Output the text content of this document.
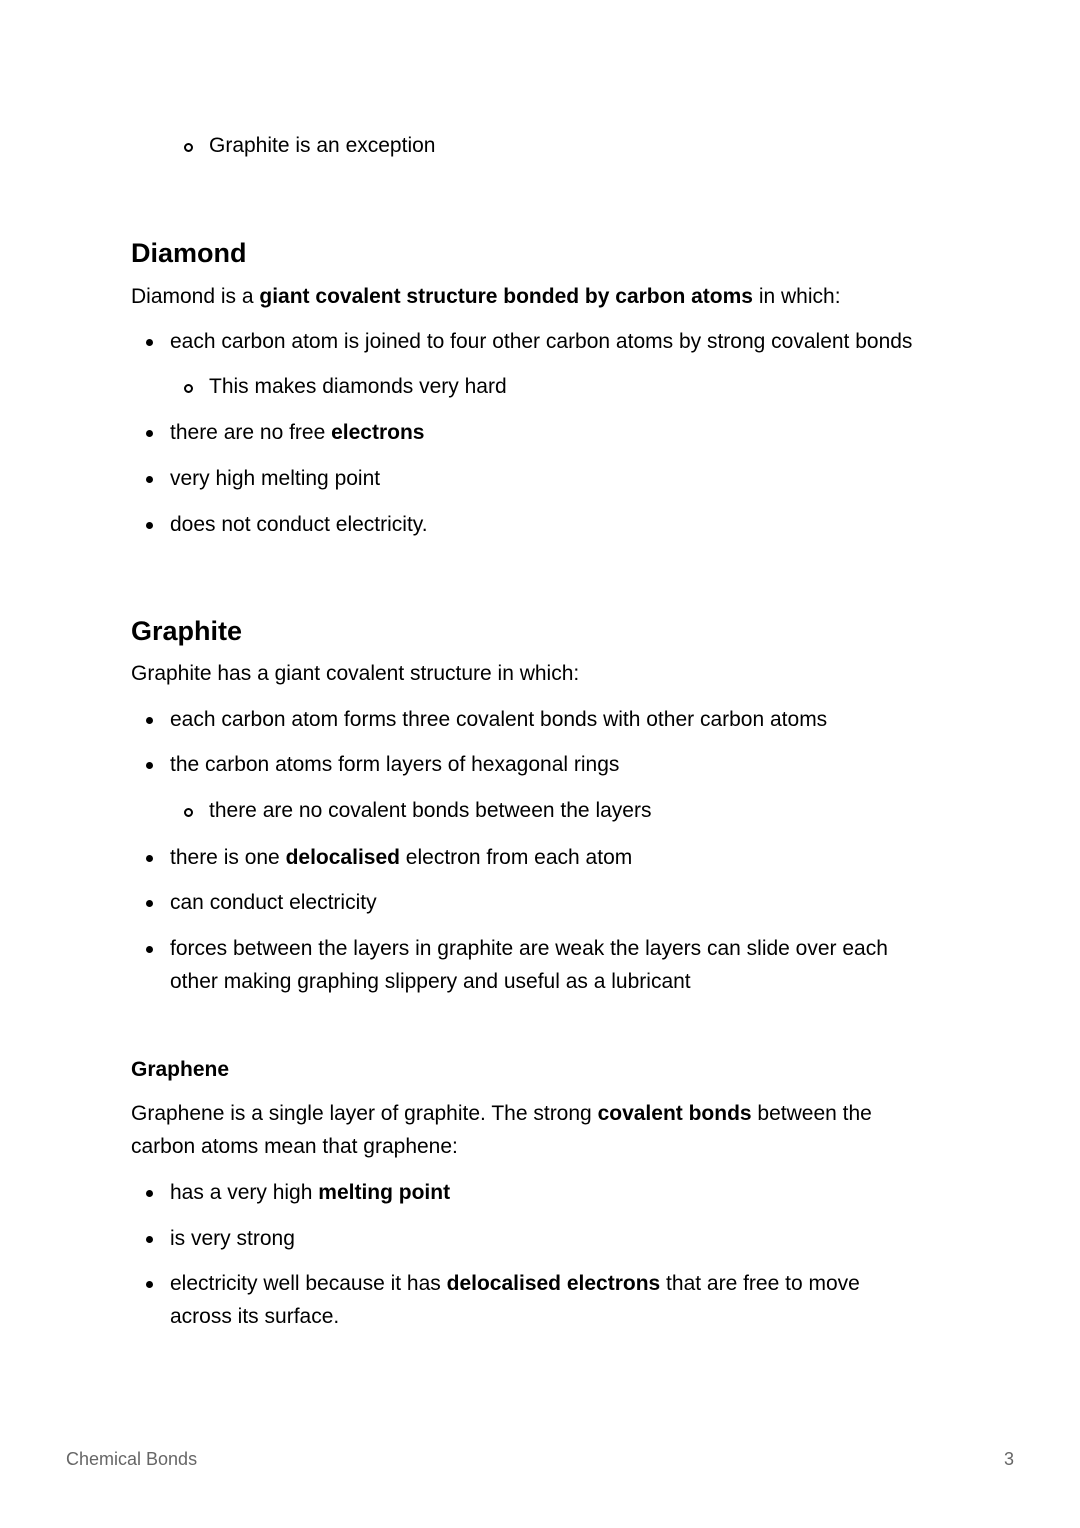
Graphite is an exception
Diamond
Diamond is a giant covalent structure bonded by carbon atoms in which:
each carbon atom is joined to four other carbon atoms by strong covalent bonds
This makes diamonds very hard
there are no free electrons
very high melting point
does not conduct electricity.
Graphite
Graphite has a giant covalent structure in which:
each carbon atom forms three covalent bonds with other carbon atoms
the carbon atoms form layers of hexagonal rings
there are no covalent bonds between the layers
there is one delocalised electron from each atom
can conduct electricity
forces between the layers in graphite are weak the layers can slide over each
other making graphing slippery and useful as a lubricant
Graphene
Graphene is a single layer of graphite. The strong covalent bonds between the
carbon atoms mean that graphene:
has a very high melting point
is very strong
electricity well because it has delocalised electrons that are free to move
across its surface.
Chemical Bonds	3
